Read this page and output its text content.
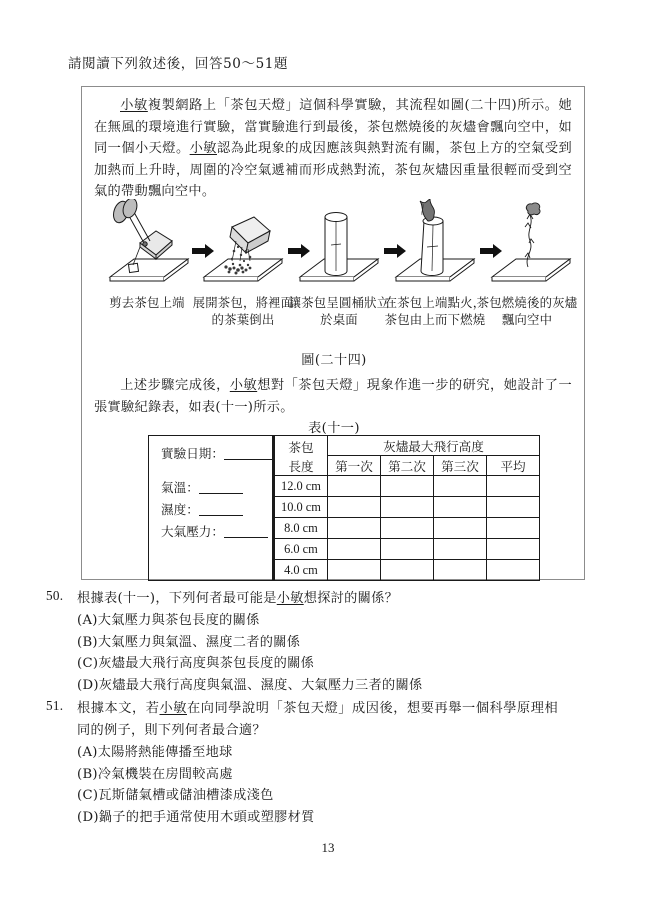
請閱讀下列敘述後，回答50～51題
小敏複製網路上「茶包天燈」這個科學實驗，其流程如圖(二十四)所示。她在無風的環境進行實驗，當實驗進行到最後，茶包燃燒後的灰燼會飄向空中，如同一個小天燈。小敏認為此現象的成因應該與熱對流有關，茶包上方的空氣受到加熱而上升時，周圍的冷空氣遞補而形成熱對流，茶包灰燼因重量很輕而受到空氣的帶動飄向空中。
剪去茶包上端 展開茶包，將裡面的茶葉倒出
讓茶包呈圓桶狀立於桌面
在茶包上端點火，茶包由上而下燃燒
茶包燃燒後的灰燼飄向空中
圖(二十四)
上述步驟完成後，小敏想對「茶包天燈」現象作進一步的研究，她設計了一張實驗紀錄表，如表(十一)所示。
表(十一)
實驗日期：
氣溫：
濕度：
大氣壓力：

茶包
長度
	灰燼最大飛行高度
		第一次	第二次	第三次	平均
	12.0 cm				
	10.0 cm				
	8.0 cm				
	6.0 cm				
	4.0 cm				
50.	根據表(十一)，下列何者最可能是小敏想探討的關係？
(A)大氣壓力與茶包長度的關係
(B)大氣壓力與氣溫、濕度二者的關係
(C)灰燼最大飛行高度與茶包長度的關係
(D)灰燼最大飛行高度與氣溫、濕度、大氣壓力三者的關係
51.	根據本文，若小敏在向同學說明「茶包天燈」成因後，想要再舉一個科學原理相同的例子，則下列何者最合適？
(A)太陽將熱能傳播至地球
(B)冷氣機裝在房間較高處
(C)瓦斯儲氣槽或儲油槽漆成淺色
(D)鍋子的把手通常使用木頭或塑膠材質
13
